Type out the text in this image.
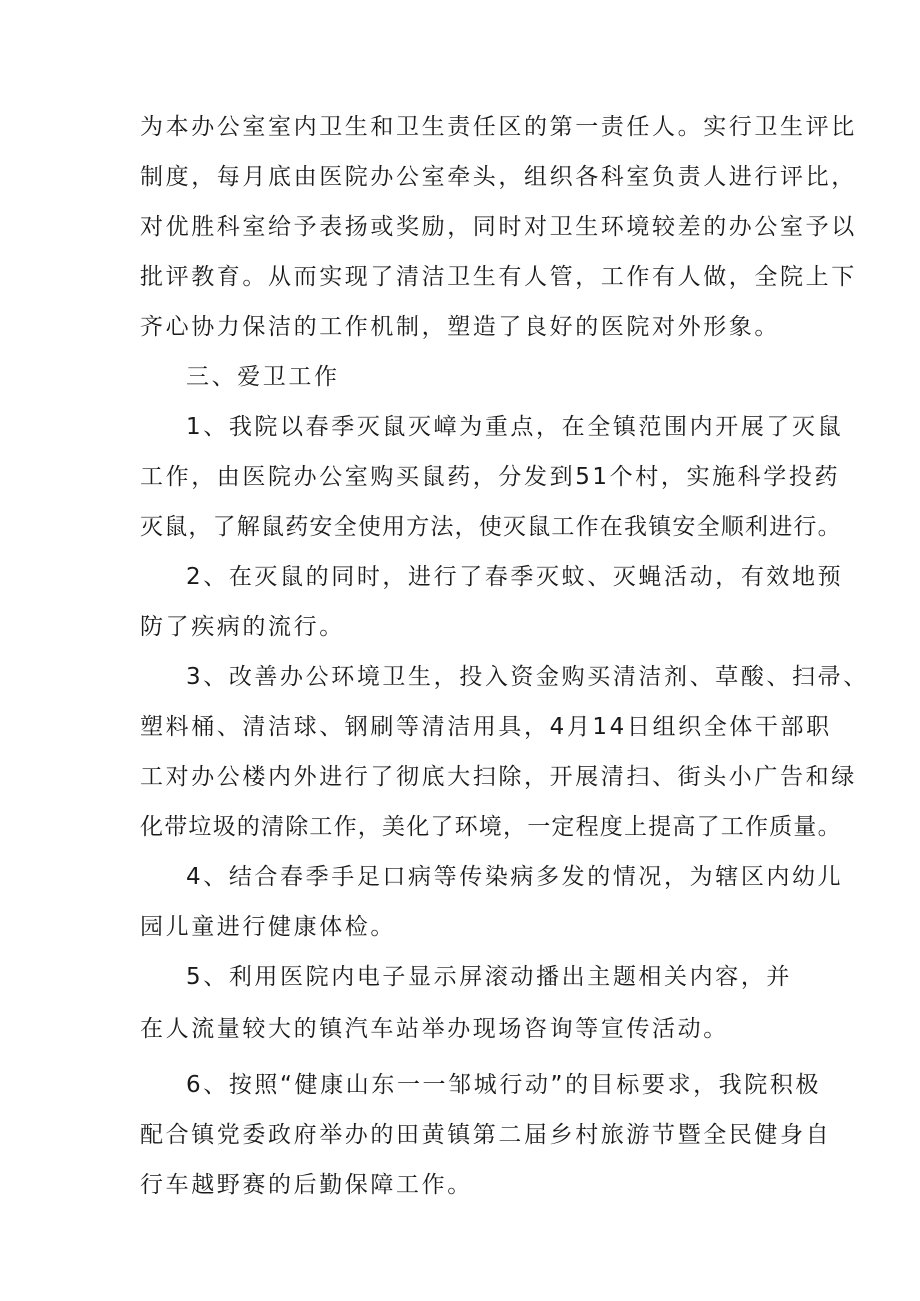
为本办公室室内卫生和卫生责任区的第一责任人。实行卫生评比
制度，每月底由医院办公室牵头，组织各科室负责人进行评比，
对优胜科室给予表扬或奖励，同时对卫生环境较差的办公室予以
批评教育。从而实现了清洁卫生有人管，工作有人做，全院上下
齐心协力保洁的工作机制，塑造了良好的医院对外形象。
三、爱卫工作
1、我院以春季灭鼠灭嶂为重点，在全镇范围内开展了灭鼠
工作，由医院办公室购买鼠药，分发到51个村，实施科学投药
灭鼠，了解鼠药安全使用方法，使灭鼠工作在我镇安全顺利进行。
2、在灭鼠的同时，进行了春季灭蚊、灭蝇活动，有效地预
防了疾病的流行。
3、改善办公环境卫生，投入资金购买清洁剂、草酸、扫帚、
塑料桶、清洁球、钢刷等清洁用具，4月14日组织全体干部职
工对办公楼内外进行了彻底大扫除，开展清扫、街头小广告和绿
化带垃圾的清除工作，美化了环境，一定程度上提高了工作质量。
4、结合春季手足口病等传染病多发的情况，为辖区内幼儿
园儿童进行健康体检。
5、利用医院内电子显示屏滚动播出主题相关内容，并
在人流量较大的镇汽车站举办现场咨询等宣传活动。
6、按照“健康山东一一邹城行动”的目标要求，我院积极
配合镇党委政府举办的田黄镇第二届乡村旅游节暨全民健身自
行车越野赛的后勤保障工作。
